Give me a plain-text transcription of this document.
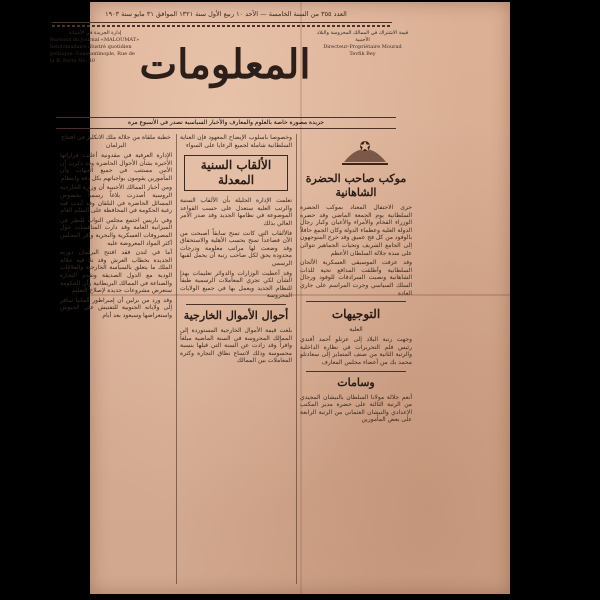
العدد ٣٥٥ من السنة الخامسة — الأحد ١٠ ربيع الأول سنة ١٣٢١ الموافق ٣١ مايو سنة ١٩٠٣
إدارة الجريدة في الآستانة
Bureaux du Journal «MALOUMAT» hebdomadaire illustré quotidien politique. Constantinople, Rue de la B. Porte No. 40	المعلومات
قيمة الاشتراك في الممالك المحروسة والبلاد الأجنبية
Directeur-Propriétaire Mourad Tevfik Bey
جريدة مصورة خاصة بالعلوم والمعارف والأخبار السياسية تصدر في الأسبوع مرة
موكب صاحب الحضرة الشاهانية

جرى الاحتفال المعتاد بموكب الحضرة السلطانية يوم الجمعة الماضي وقد حضره الوزراء الفخام والأمراء والأعيان وكبار رجال الدولة العلية وعظماء الدولة وكان الجمع حافلاً بالوفود من كل فج عميق وقد خرج المتوجهون إلى الجامع الشريف وتحيات الجماهير تتوالى على سدة جلالة السلطان الأعظم

وقد عزفت الموسيقى العسكرية الألحان السلطانية وأطلقت المدافع تحية للذات الشاهانية ونصبت السرادقات للوفود ورجال السلك السياسي وجرت المراسم على جاري العادة

التوجيهات
العلية

وجهت رتبة البلاد إلى عزتلو أحمد أفندي رئيس قلم التحريرات في نظارة الداخلية والرتبة الثانية من صنف المتمايز إلى سعادتلو محمد بك من أعضاء مجلس المعارف

وسامات

أنعم جلالة مولانا السلطان بالنيشان المجيدي من الرتبة الثالثة على حضرة مدير المكتب الإعدادي والنيشان العثماني من الرتبة الرابعة على بعض المأمورين

وخصوصاً بأسلوب الإيضاح المعهود فإن العناية السلطانية شاملة لجميع الرعايا على السواء

الألقاب السنية المعدلة

تعلمت الإدارة الجليلة بأن الألقاب السنية والرتب العلية ستعدل على حسب القواعد الموضوعة في نظامها الجديد وقد صدر الأمر العالي بذلك

فالألقاب التي كانت تمنح سابقاً أصبحت من الآن فصاعداً تمنح بحسب الأهلية والاستحقاق وقد وضعت لها مراتب معلومة ودرجات محدودة يحق لكل صاحب رتبة أن يحمل لقبها الرسمي

وقد أعطيت الوزارات والدوائر تعليمات بهذا الشأن لكي تجري المعاملات الرسمية طبقاً للنظام الجديد ويعمل بها في جميع الولايات المحروسة

أحوال الأموال الخارجية

بلغت قيمة الأموال الخارجية المستوردة إلى الممالك المحروسة في السنة الماضية مبلغاً وافراً وقد زادت عن السنة التي قبلها بنسبة محسوسة وذلك لاتساع نطاق التجارة وكثرة المعاملات بين الممالك

خطبة ملقاة من جلالة ملك الانكليز في افتتاح البرلمان

الإدارة العرفية في مقدونية أعلنت قراراتها الأخيرة بشأن الأحوال الحاضرة وقد ذكرت أن الأمن مستتب في جميع الجهات وأن المأمورين يقومون بواجباتهم بكل دقة وانتظام

ومن أخبار الممالك الأجنبية أن وزارة الخارجية الروسية أصدرت بلاغاً رسمياً بخصوص المسائل الحاضرة في البلقان وقد أبدت فيه رغبة الحكومة في المحافظة على السلم العام

وفي باريس اجتمع مجلس النواب للنظر في الميزانية العامة وقد دارت المناقشات حول المصروفات العسكرية والبحرية وأقر المجلس أكثر المواد المعروضة عليه

أما في لندن فقد افتتح البرلمان دورته الجديدة بخطاب العرش وقد تلا فيه جلالة الملك ما يتعلق بالسياسة الخارجية والعلاقات الودية مع الدول الصديقة وتقدم التجارة والصناعة في الممالك البريطانية وأن الحكومة ستعرض مشروعات جديدة لإصلاح التعليم

وقد ورد من برلين أن إمبراطور ألمانيا سافر إلى ولاياته الجنوبية للتفتيش على الجيوش واستعراضها وسيعود بعد أيام
